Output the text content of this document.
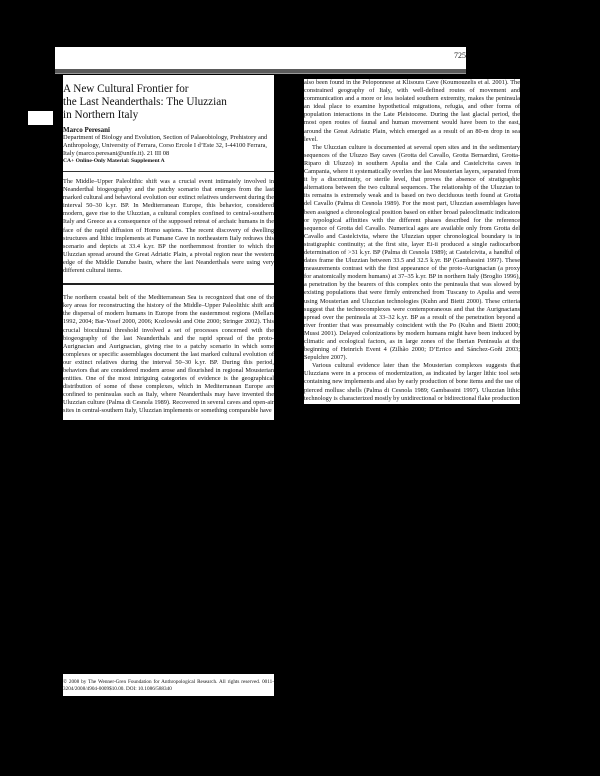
725
A New Cultural Frontier for
the Last Neanderthals: The Uluzzian
in Northern Italy

Marco Peresani

Department of Biology and Evolution, Section of Palaeobiology, Prehistory and Anthropology, University of Ferrara, Corso Ercole I d’Este 32, I-44100 Ferrara, Italy (marco.peresani@unife.it). 21 III 08

CA+ Online-Only Material: Supplement A

The Middle–Upper Paleolithic shift was a crucial event intimately involved in Neanderthal biogeography and the patchy scenario that emerges from the last marked cultural and behavioral evolution our extinct relatives underwent during the interval 50–30 k.yr. BP. In Mediterranean Europe, this behavior, considered modern, gave rise to the Uluzzian, a cultural complex confined to central-southern Italy and Greece as a consequence of the supposed retreat of archaic humans in the face of the rapid diffusion of Homo sapiens. The recent discovery of dwelling structures and lithic implements at Fumane Cave in northeastern Italy redraws this scenario and depicts at 33.4 k.yr. BP the northernmost frontier to which the Uluzzian spread around the Great Adriatic Plain, a pivotal region near the western edge of the Middle Danube basin, where the last Neanderthals were using very different cultural items.

The northern coastal belt of the Mediterranean Sea is recognized that one of the key areas for reconstructing the history of the Middle–Upper Paleolithic shift and the dispersal of modern humans in Europe from the easternmost regions (Mellars 1992, 2004; Bar-Yosef 2000, 2006; Kozlowski and Otte 2000; Stringer 2002). This crucial biocultural threshold involved a set of processes concerned with the biogeography of the last Neanderthals and the rapid spread of the proto-Aurignacian and Aurignacian, giving rise to a patchy scenario in which some complexes or specific assemblages document the last marked cultural evolution of our extinct relatives during the interval 50–30 k.yr. BP. During this period, behaviors that are considered modern arose and flourished in regional Mousterian entities. One of the most intriguing categories of evidence is the geographical distribution of some of these complexes, which in Mediterranean Europe are confined to peninsulas such as Italy, where Neanderthals may have invented the Uluzzian culture (Palma di Cesnola 1989). Recovered in several caves and open-air sites in central-southern Italy, Uluzzian implements or something comparable have

© 2008 by The Wenner-Gren Foundation for Anthropological Research. All rights reserved. 0011-3204/2008/4904-0009$10.00. DOI: 10.1086/588340

also been found in the Peloponnese at Klisoura Cave (Koumouzelis et al. 2001). The constrained geography of Italy, with well-defined routes of movement and communication and a more or less isolated southern extremity, makes the peninsula an ideal place to examine hypothetical migrations, refugia, and other forms of population interactions in the Late Pleistocene. During the last glacial period, the most open routes of faunal and human movement would have been to the east, around the Great Adriatic Plain, which emerged as a result of an 80-m drop in sea level.

The Uluzzian culture is documented at several open sites and in the sedimentary sequences of the Uluzzo Bay caves (Grotta del Cavallo, Grotta Bernardini, Grotta-Riparo di Uluzzo) in southern Apulia and the Cala and Castelcivita caves in Campania, where it systematically overlies the last Mousterian layers, separated from it by a discontinuity, or sterile level, that proves the absence of stratigraphic alternations between the two cultural sequences. The relationship of the Uluzzian to its remains is extremely weak and is based on two deciduous teeth found at Grotta del Cavallo (Palma di Cesnola 1989). For the most part, Uluzzian assemblages have been assigned a chronological position based on either broad paleoclimatic indicators or typological affinities with the different phases described for the reference sequence of Grotta del Cavallo. Numerical ages are available only from Grotta del Cavallo and Castelcivita, where the Uluzzian upper chronological boundary is in stratigraphic continuity; at the first site, layer Ei-ii produced a single radiocarbon determination of >31 k.yr. BP (Palma di Cesnola 1989); at Castelcivita, a handful of dates frame the Uluzzian between 33.5 and 32.5 k.yr. BP (Gambassini 1997). These measurements contrast with the first appearance of the proto-Aurignacian (a proxy for anatomically modern humans) at 37–35 k.yr. BP in northern Italy (Broglio 1996), a penetration by the bearers of this complex onto the peninsula that was slowed by existing populations that were firmly entrenched from Tuscany to Apulia and were using Mousterian and Uluzzian technologies (Kuhn and Bietti 2000). These criteria suggest that the technocomplexes were contemporaneous and that the Aurignacians spread over the peninsula at 33–32 k.yr. BP as a result of the penetration beyond a river frontier that was presumably coincident with the Po (Kuhn and Bietti 2000; Mussi 2001). Delayed colonizations by modern humans might have been induced by climatic and ecological factors, as in large zones of the Iberian Peninsula at the beginning of Heinrich Event 4 (Zilhão 2000; D’Errico and Sánchez-Goñi 2003; Sepulchre 2007).

Various cultural evidence later than the Mousterian complexes suggests that Uluzzians were in a process of modernization, as indicated by larger lithic tool sets containing new implements and also by early production of bone items and the use of pierced mollusc shells (Palma di Cesnola 1989; Gambassini 1997). Uluzzian lithic technology is characterized mostly by unidirectional or bidirectional flake production
